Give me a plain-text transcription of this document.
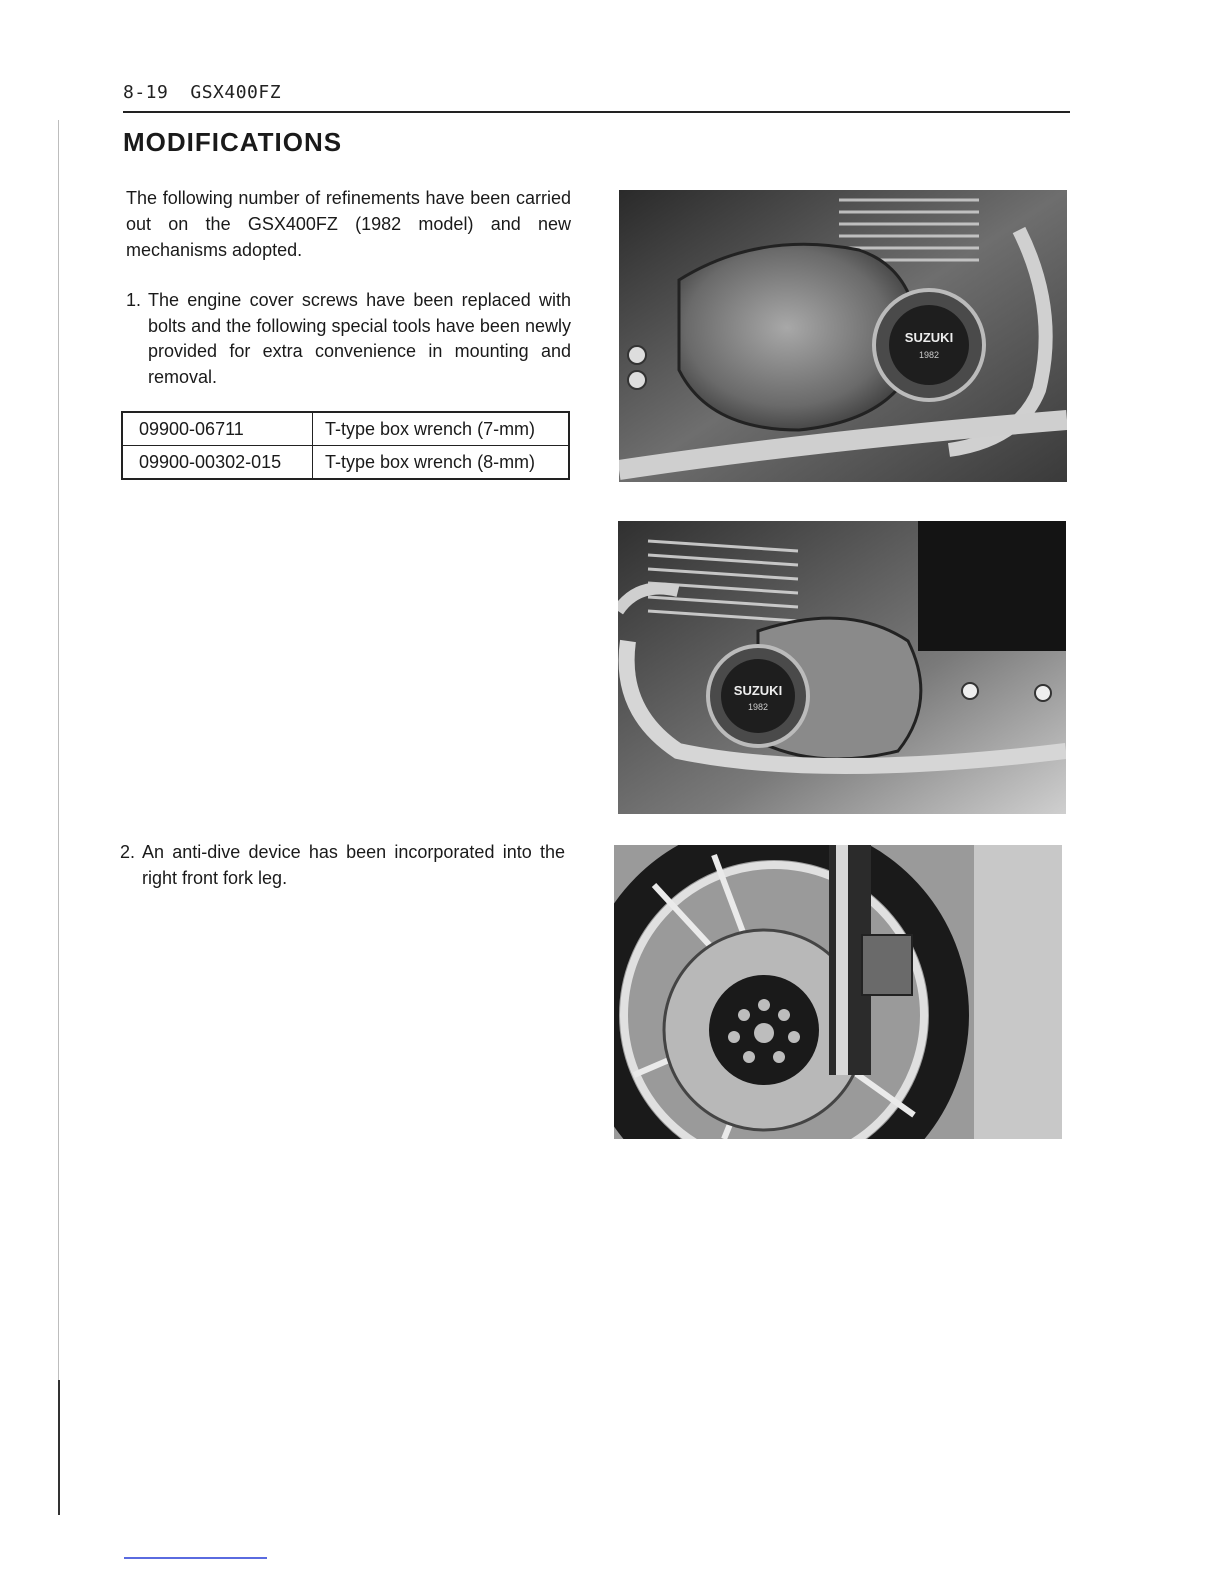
8-19 GSX400FZ
MODIFICATIONS
The following number of refinements have been carried out on the GSX400FZ (1982 model) and new mechanisms adopted.
1. The engine cover screws have been replaced with bolts and the following special tools have been newly provided for extra convenience in mounting and removal.
09900-06711	T-type box wrench (7-mm)
09900-00302-015	T-type box wrench (8-mm)
2. An anti-dive device has been incorporated into the right front fork leg.
SUZUKI
1982
SUZUKI
1982
